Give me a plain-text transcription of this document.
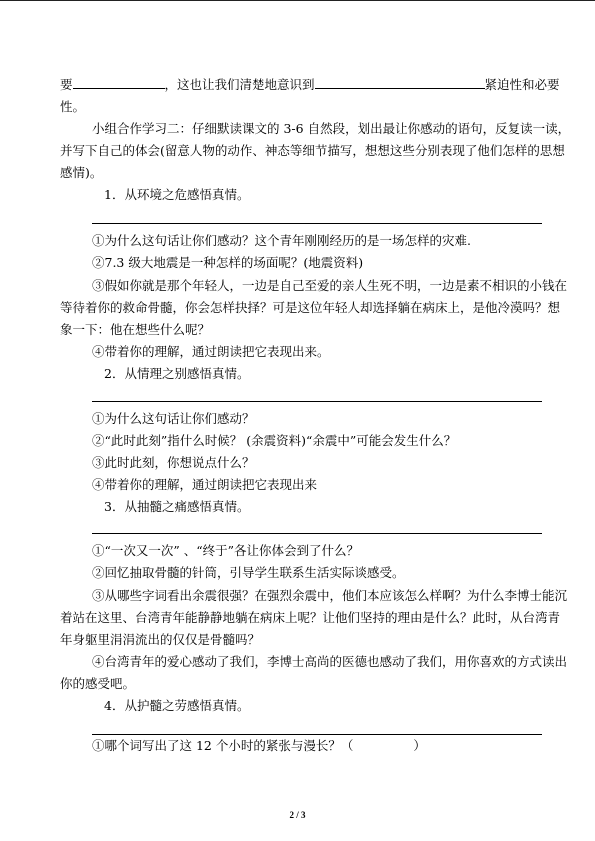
要	，这也让我们清楚地意识到	紧迫性和必要
性。
小组合作学习二：仔细默读课文的 3-6 自然段，划出最让你感动的语句，反复读一读，
并写下自己的体会(留意人物的动作、神态等细节描写，想想这些分别表现了他们怎样的思想
感情)。
1．从环境之危感悟真情。
①为什么这句话让你们感动？这个青年刚刚经历的是一场怎样的灾难.
②7.3 级大地震是一种怎样的场面呢？(地震资料)
③假如你就是那个年轻人，一边是自己至爱的亲人生死不明，一边是素不相识的小钱在
等待着你的救命骨髓，你会怎样抉择？可是这位年轻人却选择躺在病床上，是他冷漠吗？想
象一下：他在想些什么呢？
④带着你的理解，通过朗读把它表现出来。
2．从情理之别感悟真情。
①为什么这句话让你们感动？
②“此时此刻”指什么时候？ (余震资料)“余震中”可能会发生什么？
③此时此刻，你想说点什么？
④带着你的理解，通过朗读把它表现出来
3．从抽髓之痛感悟真情。
①“一次又一次” 、“终于”各让你体会到了什么？
②回忆抽取骨髓的针筒，引导学生联系生活实际谈感受。
③从哪些字词看出余震很强？在强烈余震中，他们本应该怎么样啊？为什么李博士能沉
着站在这里、台湾青年能静静地躺在病床上呢？让他们坚持的理由是什么？此时，从台湾青
年身躯里涓涓流出的仅仅是骨髓吗？
④台湾青年的爱心感动了我们，李博士高尚的医德也感动了我们，用你喜欢的方式读出
你的感受吧。
4．从护髓之劳感悟真情。
①哪个词写出了这 12 个小时的紧张与漫长？（	）
2 / 3
